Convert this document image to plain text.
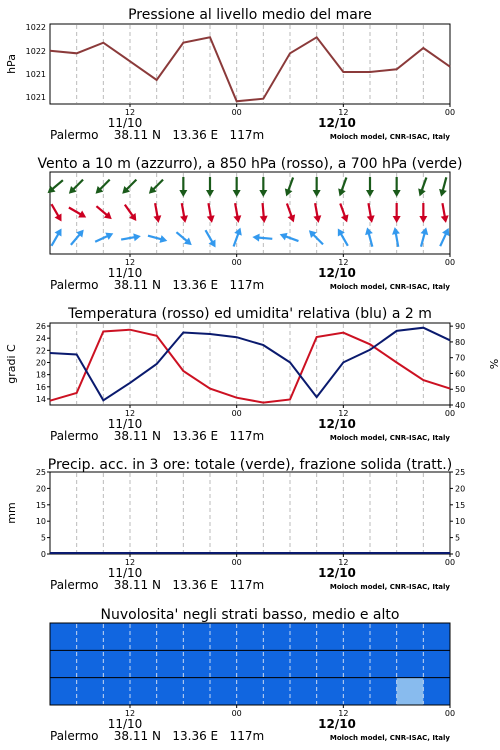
Pressione al livello medio del mare
hPa
1022
1022
1021
1021
Vento a 10 m (azzurro), a 850 hPa (rosso), a 700 hPa (verde)
Temperatura (rosso) ed umidita' relativa (blu) a 2 m
gradi C	%
14
16
18
20
22
24
26
40
50
60
70
80
90
Precip. acc. in 3 ore: totale (verde), frazione solida (tratt.)
mm
0
5
10
15
20
25
0
5
10
15
20
25
Nuvolosita' negli strati basso, medio e alto
12	00	12	00
11/10	12/10
Palermo    38.11 N   13.36 E   117m	Moloch model, CNR-ISAC, Italy
12	00	12	00
11/10	12/10
Palermo    38.11 N   13.36 E   117m	Moloch model, CNR-ISAC, Italy
12	00	12	00
11/10	12/10
Palermo    38.11 N   13.36 E   117m	Moloch model, CNR-ISAC, Italy
12	00	12	00
11/10	12/10
Palermo    38.11 N   13.36 E   117m	Moloch model, CNR-ISAC, Italy
12	00	12	00
11/10	12/10
Palermo    38.11 N   13.36 E   117m	Moloch model, CNR-ISAC, Italy
